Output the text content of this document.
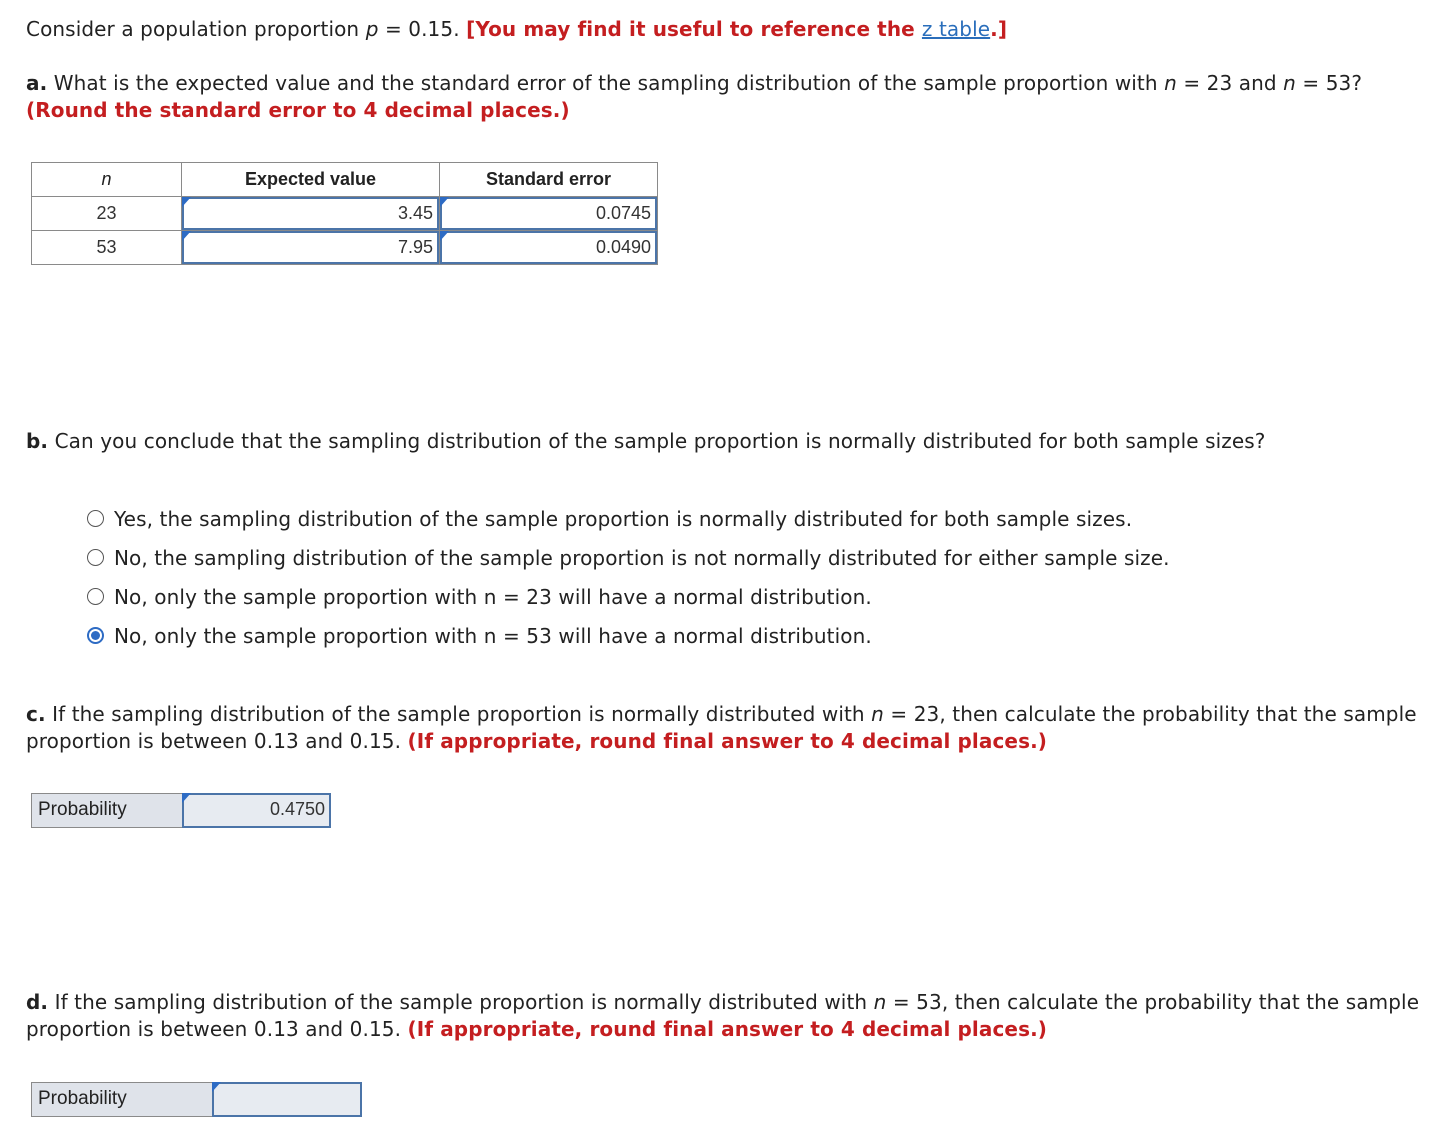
Consider a population proportion p = 0.15. [You may find it useful to reference the z table.]
a. What is the expected value and the standard error of the sampling distribution of the sample proportion with n = 23 and n = 53?
(Round the standard error to 4 decimal places.)
n	Expected value	Standard error
23	3.45	0.0745

53	7.95	0.0490
b. Can you conclude that the sampling distribution of the sample proportion is normally distributed for both sample sizes?
Yes, the sampling distribution of the sample proportion is normally distributed for both sample sizes.
No, the sampling distribution of the sample proportion is not normally distributed for either sample size.
No, only the sample proportion with n = 23 will have a normal distribution.
No, only the sample proportion with n = 53 will have a normal distribution.
c. If the sampling distribution of the sample proportion is normally distributed with n = 23, then calculate the probability that the sample
proportion is between 0.13 and 0.15. (If appropriate, round final answer to 4 decimal places.)
Probability	0.4750
d. If the sampling distribution of the sample proportion is normally distributed with n = 53, then calculate the probability that the sample
proportion is between 0.13 and 0.15. (If appropriate, round final answer to 4 decimal places.)
Probability
